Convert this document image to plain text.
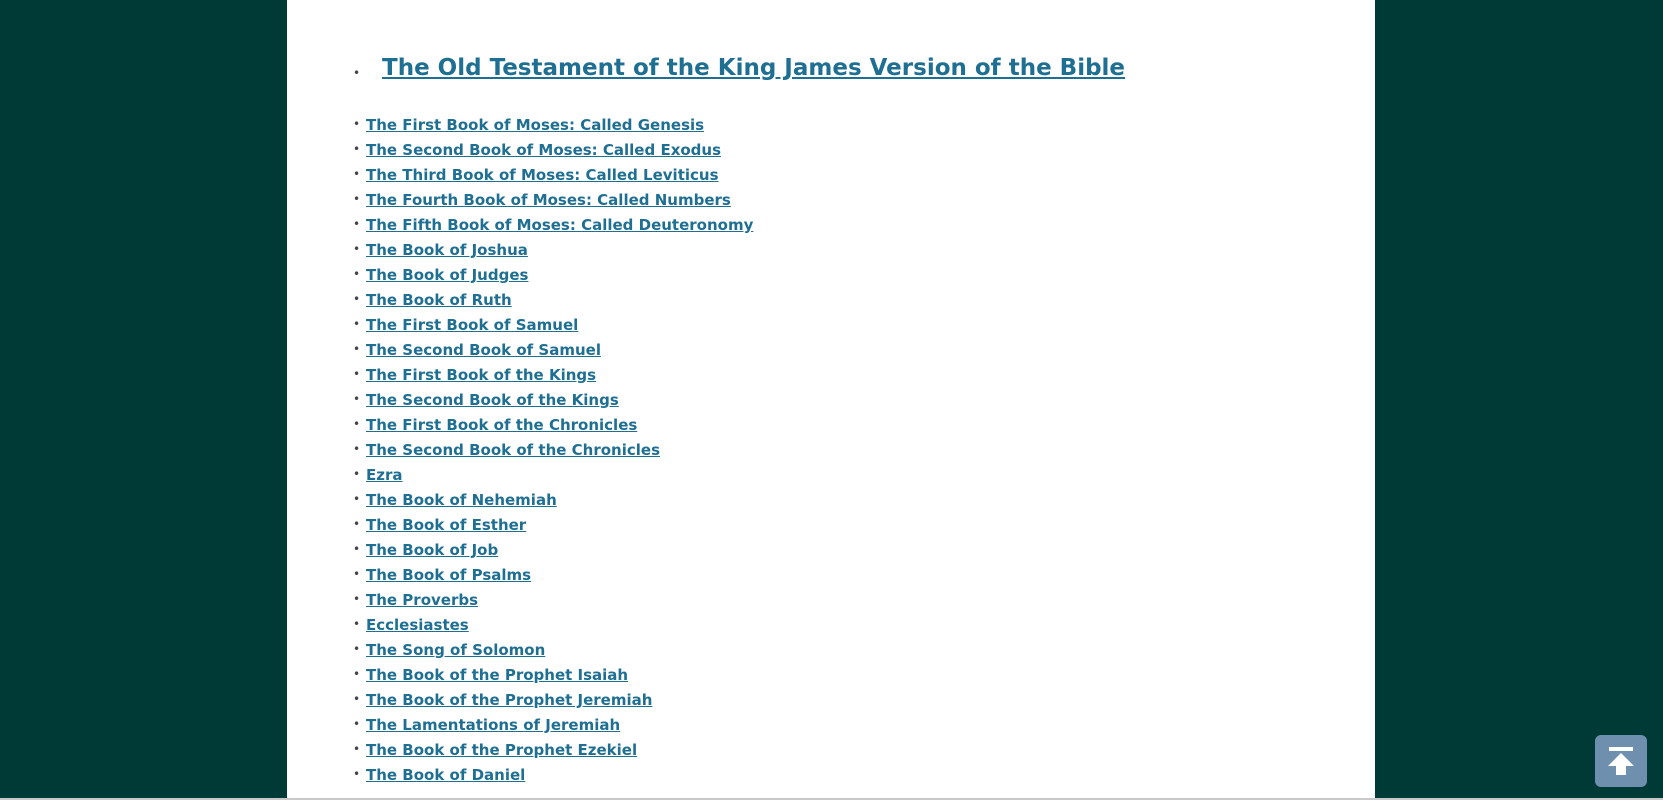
• The Old Testament of the King James Version of the Bible
• The First Book of Moses: Called Genesis
• The Second Book of Moses: Called Exodus
• The Third Book of Moses: Called Leviticus
• The Fourth Book of Moses: Called Numbers
• The Fifth Book of Moses: Called Deuteronomy
• The Book of Joshua
• The Book of Judges
• The Book of Ruth
• The First Book of Samuel
• The Second Book of Samuel
• The First Book of the Kings
• The Second Book of the Kings
• The First Book of the Chronicles
• The Second Book of the Chronicles
• Ezra
• The Book of Nehemiah
• The Book of Esther
• The Book of Job
• The Book of Psalms
• The Proverbs
• Ecclesiastes
• The Song of Solomon
• The Book of the Prophet Isaiah
• The Book of the Prophet Jeremiah
• The Lamentations of Jeremiah
• The Book of the Prophet Ezekiel
• The Book of Daniel
